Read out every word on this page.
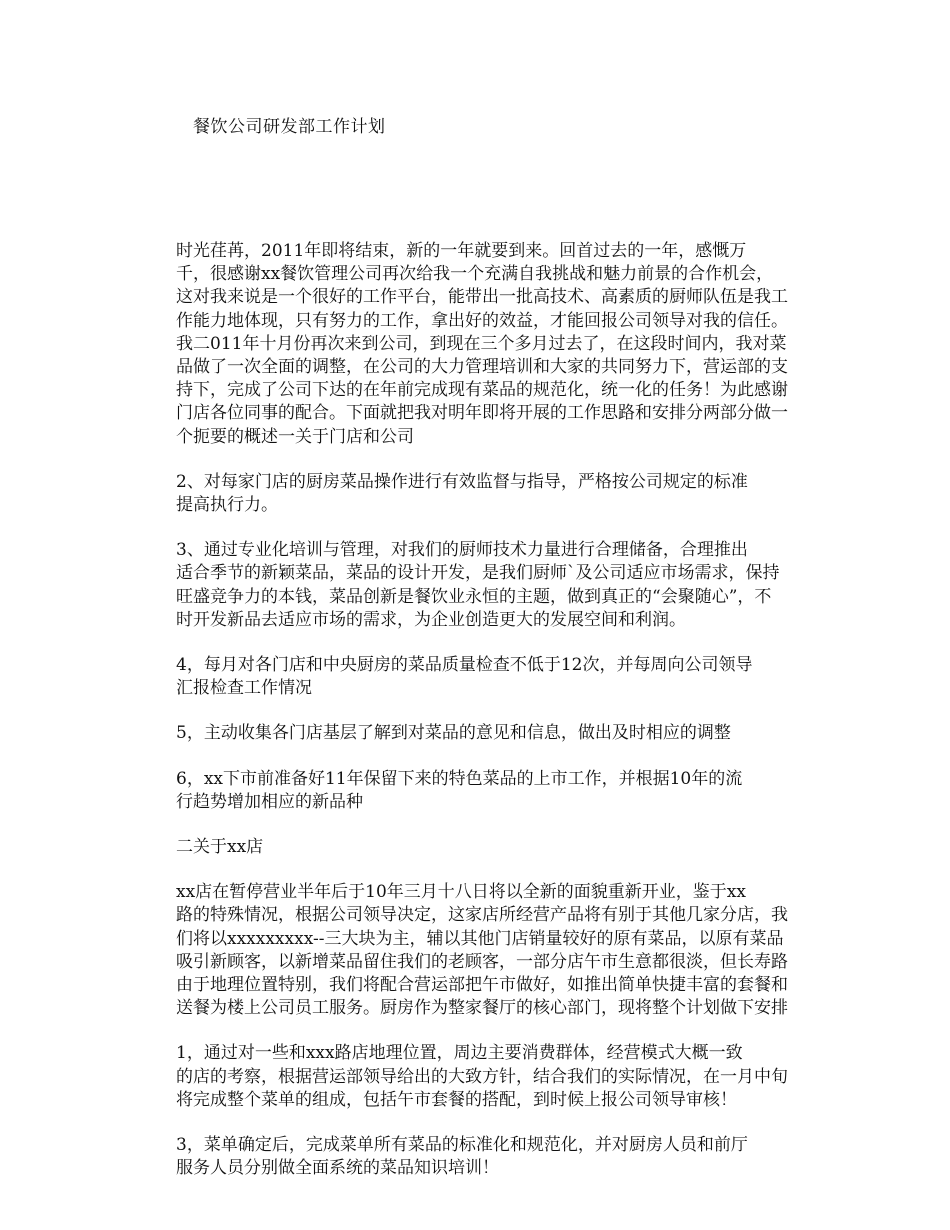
餐饮公司研发部工作计划

时光荏苒，2011年即将结束，新的一年就要到来。回首过去的一年，感慨万
千，很感谢xx餐饮管理公司再次给我一个充满自我挑战和魅力前景的合作机会，
这对我来说是一个很好的工作平台，能带出一批高技术、高素质的厨师队伍是我工
作能力地体现，只有努力的工作，拿出好的效益，才能回报公司领导对我的信任。
我二011年十月份再次来到公司，到现在三个多月过去了，在这段时间内，我对菜
品做了一次全面的调整，在公司的大力管理培训和大家的共同努力下，营运部的支
持下，完成了公司下达的在年前完成现有菜品的规范化，统一化的任务！为此感谢
门店各位同事的配合。下面就把我对明年即将开展的工作思路和安排分两部分做一
个扼要的概述一关于门店和公司

2、对每家门店的厨房菜品操作进行有效监督与指导，严格按公司规定的标准
提高执行力。

3、通过专业化培训与管理，对我们的厨师技术力量进行合理储备，合理推出
适合季节的新颖菜品，菜品的设计开发，是我们厨师`及公司适应市场需求，保持
旺盛竞争力的本钱，菜品创新是餐饮业永恒的主题，做到真正的“会聚随心”，不
时开发新品去适应市场的需求，为企业创造更大的发展空间和利润。

4，每月对各门店和中央厨房的菜品质量检查不低于12次，并每周向公司领导
汇报检查工作情况

5，主动收集各门店基层了解到对菜品的意见和信息，做出及时相应的调整

6，xx下市前准备好11年保留下来的特色菜品的上市工作，并根据10年的流
行趋势增加相应的新品种

二关于xx店

xx店在暂停营业半年后于10年三月十八日将以全新的面貌重新开业，鉴于xx
路的特殊情况，根据公司领导决定，这家店所经营产品将有别于其他几家分店，我
们将以xxxxxxxxx--三大块为主，辅以其他门店销量较好的原有菜品，以原有菜品
吸引新顾客，以新增菜品留住我们的老顾客，一部分店午市生意都很淡，但长寿路
由于地理位置特别，我们将配合营运部把午市做好，如推出简单快捷丰富的套餐和
送餐为楼上公司员工服务。厨房作为整家餐厅的核心部门，现将整个计划做下安排

1，通过对一些和xxx路店地理位置，周边主要消费群体，经营模式大概一致
的店的考察，根据营运部领导给出的大致方针，结合我们的实际情况，在一月中旬
将完成整个菜单的组成，包括午市套餐的搭配，到时候上报公司领导审核！

3，菜单确定后，完成菜单所有菜品的标准化和规范化，并对厨房人员和前厅
服务人员分别做全面系统的菜品知识培训！
